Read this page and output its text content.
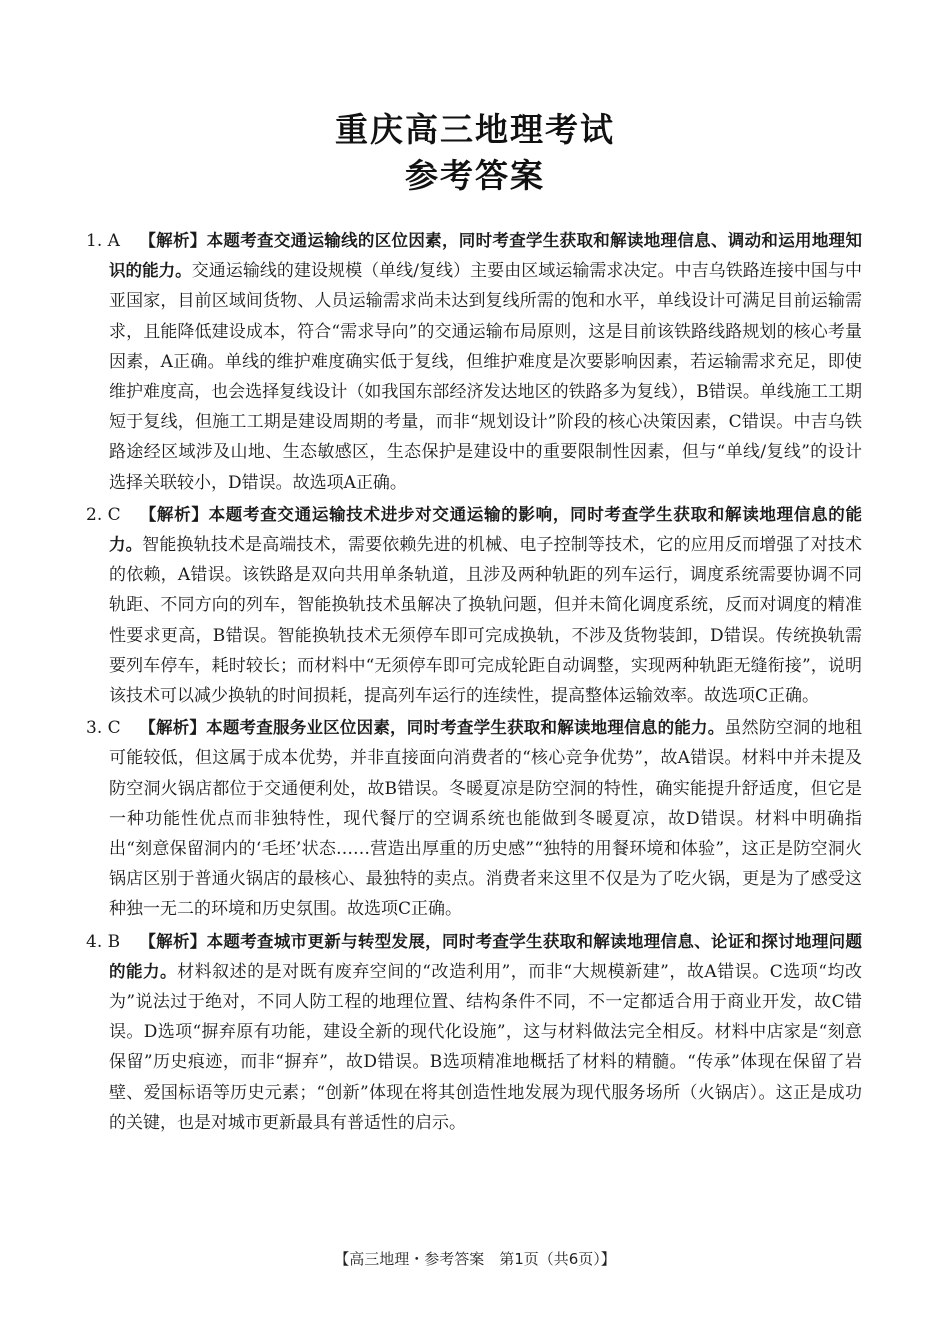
重庆高三地理考试
参考答案
1. A	【解析】本题考查交通运输线的区位因素，同时考查学生获取和解读地理信息、调动和运用地理知识的能力。交通运输线的建设规模（单线/复线）主要由区域运输需求决定。中吉乌铁路连接中国与中亚国家，目前区域间货物、人员运输需求尚未达到复线所需的饱和水平，单线设计可满足目前运输需求，且能降低建设成本，符合“需求导向”的交通运输布局原则，这是目前该铁路线路规划的核心考量因素，A正确。单线的维护难度确实低于复线，但维护难度是次要影响因素，若运输需求充足，即使维护难度高，也会选择复线设计（如我国东部经济发达地区的铁路多为复线），B错误。单线施工工期短于复线，但施工工期是建设周期的考量，而非“规划设计”阶段的核心决策因素，C错误。中吉乌铁路途经区域涉及山地、生态敏感区，生态保护是建设中的重要限制性因素，但与“单线/复线”的设计选择关联较小，D错误。故选项A正确。
2. C	【解析】本题考查交通运输技术进步对交通运输的影响，同时考查学生获取和解读地理信息的能力。智能换轨技术是高端技术，需要依赖先进的机械、电子控制等技术，它的应用反而增强了对技术的依赖，A错误。该铁路是双向共用单条轨道，且涉及两种轨距的列车运行，调度系统需要协调不同轨距、不同方向的列车，智能换轨技术虽解决了换轨问题，但并未简化调度系统，反而对调度的精准性要求更高，B错误。智能换轨技术无须停车即可完成换轨，不涉及货物装卸，D错误。传统换轨需要列车停车，耗时较长；而材料中“无须停车即可完成轮距自动调整，实现两种轨距无缝衔接”，说明该技术可以减少换轨的时间损耗，提高列车运行的连续性，提高整体运输效率。故选项C正确。
3. C	【解析】本题考查服务业区位因素，同时考查学生获取和解读地理信息的能力。虽然防空洞的地租可能较低，但这属于成本优势，并非直接面向消费者的“核心竞争优势”，故A错误。材料中并未提及防空洞火锅店都位于交通便利处，故B错误。冬暖夏凉是防空洞的特性，确实能提升舒适度，但它是一种功能性优点而非独特性，现代餐厅的空调系统也能做到冬暖夏凉，故D错误。材料中明确指出“刻意保留洞内的‘毛坯’状态……营造出厚重的历史感”“独特的用餐环境和体验”，这正是防空洞火锅店区别于普通火锅店的最核心、最独特的卖点。消费者来这里不仅是为了吃火锅，更是为了感受这种独一无二的环境和历史氛围。故选项C正确。
4. B	【解析】本题考查城市更新与转型发展，同时考查学生获取和解读地理信息、论证和探讨地理问题的能力。材料叙述的是对既有废弃空间的“改造利用”，而非“大规模新建”，故A错误。C选项“均改为”说法过于绝对，不同人防工程的地理位置、结构条件不同，不一定都适合用于商业开发，故C错误。D选项“摒弃原有功能，建设全新的现代化设施”，这与材料做法完全相反。材料中店家是“刻意保留”历史痕迹，而非“摒弃”，故D错误。B选项精准地概括了材料的精髓。“传承”体现在保留了岩壁、爱国标语等历史元素；“创新”体现在将其创造性地发展为现代服务场所（火锅店）。这正是成功的关键，也是对城市更新最具有普适性的启示。
【高三地理・参考答案　第1页（共6页）】
